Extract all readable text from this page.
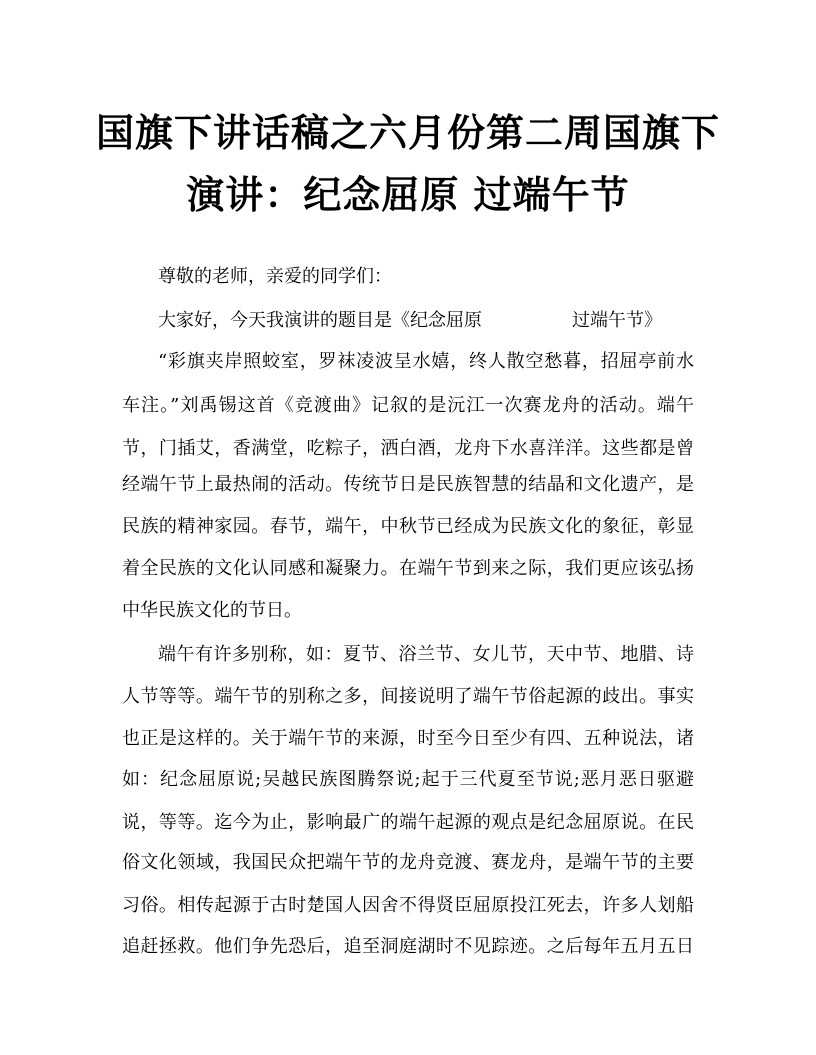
国旗下讲话稿之六月份第二周国旗下
演讲：纪念屈原 过端午节
尊敬的老师，亲爱的同学们：
大家好，今天我演讲的题目是《纪念屈原　　　　　过端午节》
“彩旗夹岸照蛟室，罗袜凌波呈水嬉，终人散空愁暮，招屈亭前水
车注。”刘禹锡这首《竞渡曲》记叙的是沅江一次赛龙舟的活动。端午
节，门插艾，香满堂，吃粽子，洒白酒，龙舟下水喜洋洋。这些都是曾
经端午节上最热闹的活动。传统节日是民族智慧的结晶和文化遗产，是
民族的精神家园。春节，端午，中秋节已经成为民族文化的象征，彰显
着全民族的文化认同感和凝聚力。在端午节到来之际，我们更应该弘扬
中华民族文化的节日。
端午有许多别称，如：夏节、浴兰节、女儿节，天中节、地腊、诗
人节等等。端午节的别称之多，间接说明了端午节俗起源的歧出。事实
也正是这样的。关于端午节的来源，时至今日至少有四、五种说法，诸
如：纪念屈原说;吴越民族图腾祭说;起于三代夏至节说;恶月恶日驱避
说，等等。迄今为止，影响最广的端午起源的观点是纪念屈原说。在民
俗文化领域，我国民众把端午节的龙舟竞渡、赛龙舟，是端午节的主要
习俗。相传起源于古时楚国人因舍不得贤臣屈原投江死去，许多人划船
追赶拯救。他们争先恐后，追至洞庭湖时不见踪迹。之后每年五月五日
